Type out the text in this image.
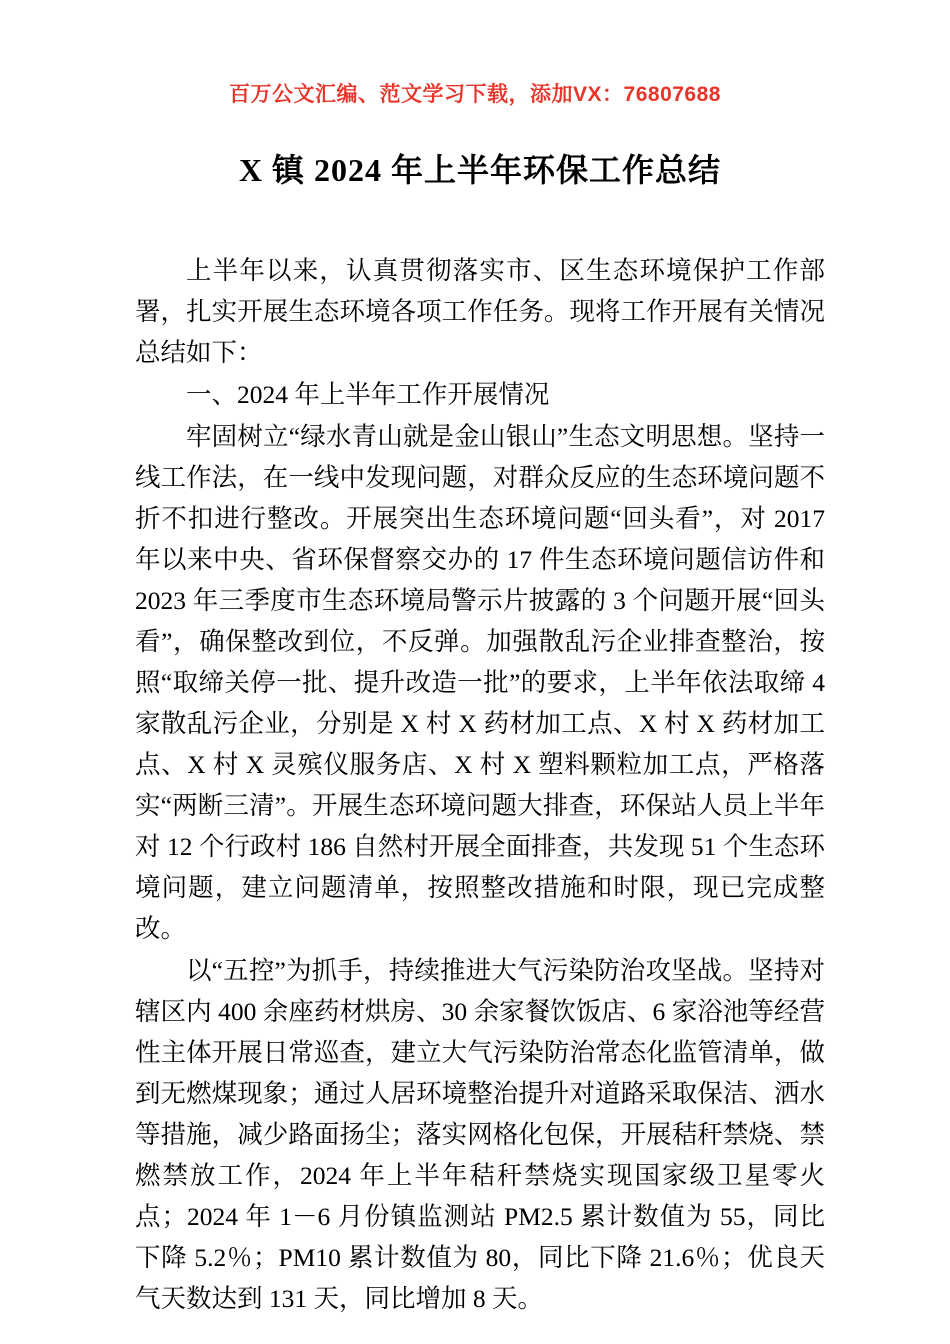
百万公文汇编、范文学习下载，添加VX：76807688
X 镇 2024 年上半年环保工作总结

上半年以来，认真贯彻落实市、区生态环境保护工作部署，扎实开展生态环境各项工作任务。现将工作开展有关情况总结如下：

一、2024 年上半年工作开展情况

牢固树立“绿水青山就是金山银山”生态文明思想。坚持一线工作法，在一线中发现问题，对群众反应的生态环境问题不折不扣进行整改。开展突出生态环境问题“回头看”，对 2017 年以来中央、省环保督察交办的 17 件生态环境问题信访件和 2023 年三季度市生态环境局警示片披露的 3 个问题开展“回头看”，确保整改到位，不反弹。加强散乱污企业排查整治，按照“取缔关停一批、提升改造一批”的要求，上半年依法取缔 4 家散乱污企业，分别是 X 村 X 药材加工点、X 村 X 药材加工点、X 村 X 灵殡仪服务店、X 村 X 塑料颗粒加工点，严格落实“两断三清”。开展生态环境问题大排查，环保站人员上半年对 12 个行政村 186 自然村开展全面排查，共发现 51 个生态环境问题，建立问题清单，按照整改措施和时限，现已完成整改。

以“五控”为抓手，持续推进大气污染防治攻坚战。坚持对辖区内 400 余座药材烘房、30 余家餐饮饭店、6 家浴池等经营性主体开展日常巡查，建立大气污染防治常态化监管清单，做到无燃煤现象；通过人居环境整治提升对道路采取保洁、洒水等措施，减少路面扬尘；落实网格化包保，开展秸秆禁烧、禁燃禁放工作，2024 年上半年秸秆禁烧实现国家级卫星零火点；2024 年 1－6 月份镇监测站 PM2.5 累计数值为 55，同比下降 5.2％；PM10 累计数值为 80，同比下降 21.6％；优良天气天数达到 131 天，同比增加 8 天。
